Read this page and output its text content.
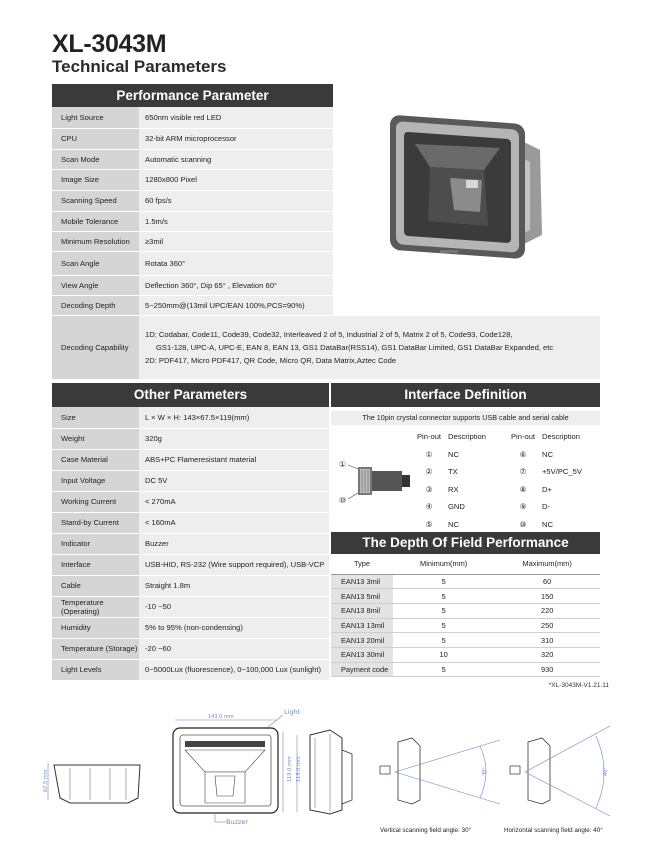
XL-3043M
Technical Parameters
Performance Parameter
Light Source	650nm visible red LED	
CPU	32-bit ARM microprocessor	
Scan Mode	Automatic scanning	
Image Size	1280x800 Pixel	
Scanning Speed	60 fps/s	
Mobile Tolerance	1.5m/s	
Minimum Resolution	≥3mil	
Scan Angle	Rotata 360°	
View Angle	Deflection 360°, Dip 65° , Elevation 60°	
Decoding Depth	5~250mm@(13mil UPC/EAN 100%,PCS=90%)	
Decoding Capability	1D: Codabar, Code11, Code39, Code32, Interleaved 2 of 5, Industrial 2 of 5, Matrix 2 of 5, Code93, Code128,
GS1-128, UPC-A, UPC-E, EAN 8, EAN 13, GS1 DataBar(RSS14), GS1 DataBar Limited, GS1 DataBar Expanded, etc
2D: PDF417, Micro PDF417, QR Code, Micro QR, Data Matrix,Aztec Code	
Other Parameters
Size	L × W × H: 143×67.5×119(mm)
Weight	320g
Case Material	ABS+PC Flameresistant material
Input Voltage	DC 5V
Working Current	< 270mA
Stand-by Current	< 160mA
Indicator	Buzzer
Interface	USB-HID, RS-232 (Wire support required), USB-VCP
Cable	Straight 1.8m
Temperature (Operating)	-10 ~50
Humidity	5% to 95% (non-condensing)
Temperature (Storage)	-20 ~60
Light Levels	0~5000Lux (fluorescence), 0~100,000 Lux (sunlight)
Interface Definition
The 10pin crystal connector supports USB cable and serial cable
①
⑩
Pin-out	Description	Pin-out	Description
①	NC	⑥	NC
②	TX	⑦	+5V/PC_5V
③	RX	⑧	D+
④	GND	⑨	D-
⑤	NC	⑩	NC
The Depth Of Field Performance
Type	Minimum(mm)	Maximum(mm)
EAN13 3mil	5	60
EAN13 5mil	5	150
EAN13 8mil	5	220
EAN13 13mil	5	250
EAN13 20mil	5	310
EAN13 30mil	10	320
Payment code	5	930
*XL-3043M-V1.21.11
67.5 mm
143.0 mm
119.0 mm
Light
Buzzer
119.0 mm	30°	40°
Vertical scanning field angle: 30°	Horizontal scanning field angle: 40°
